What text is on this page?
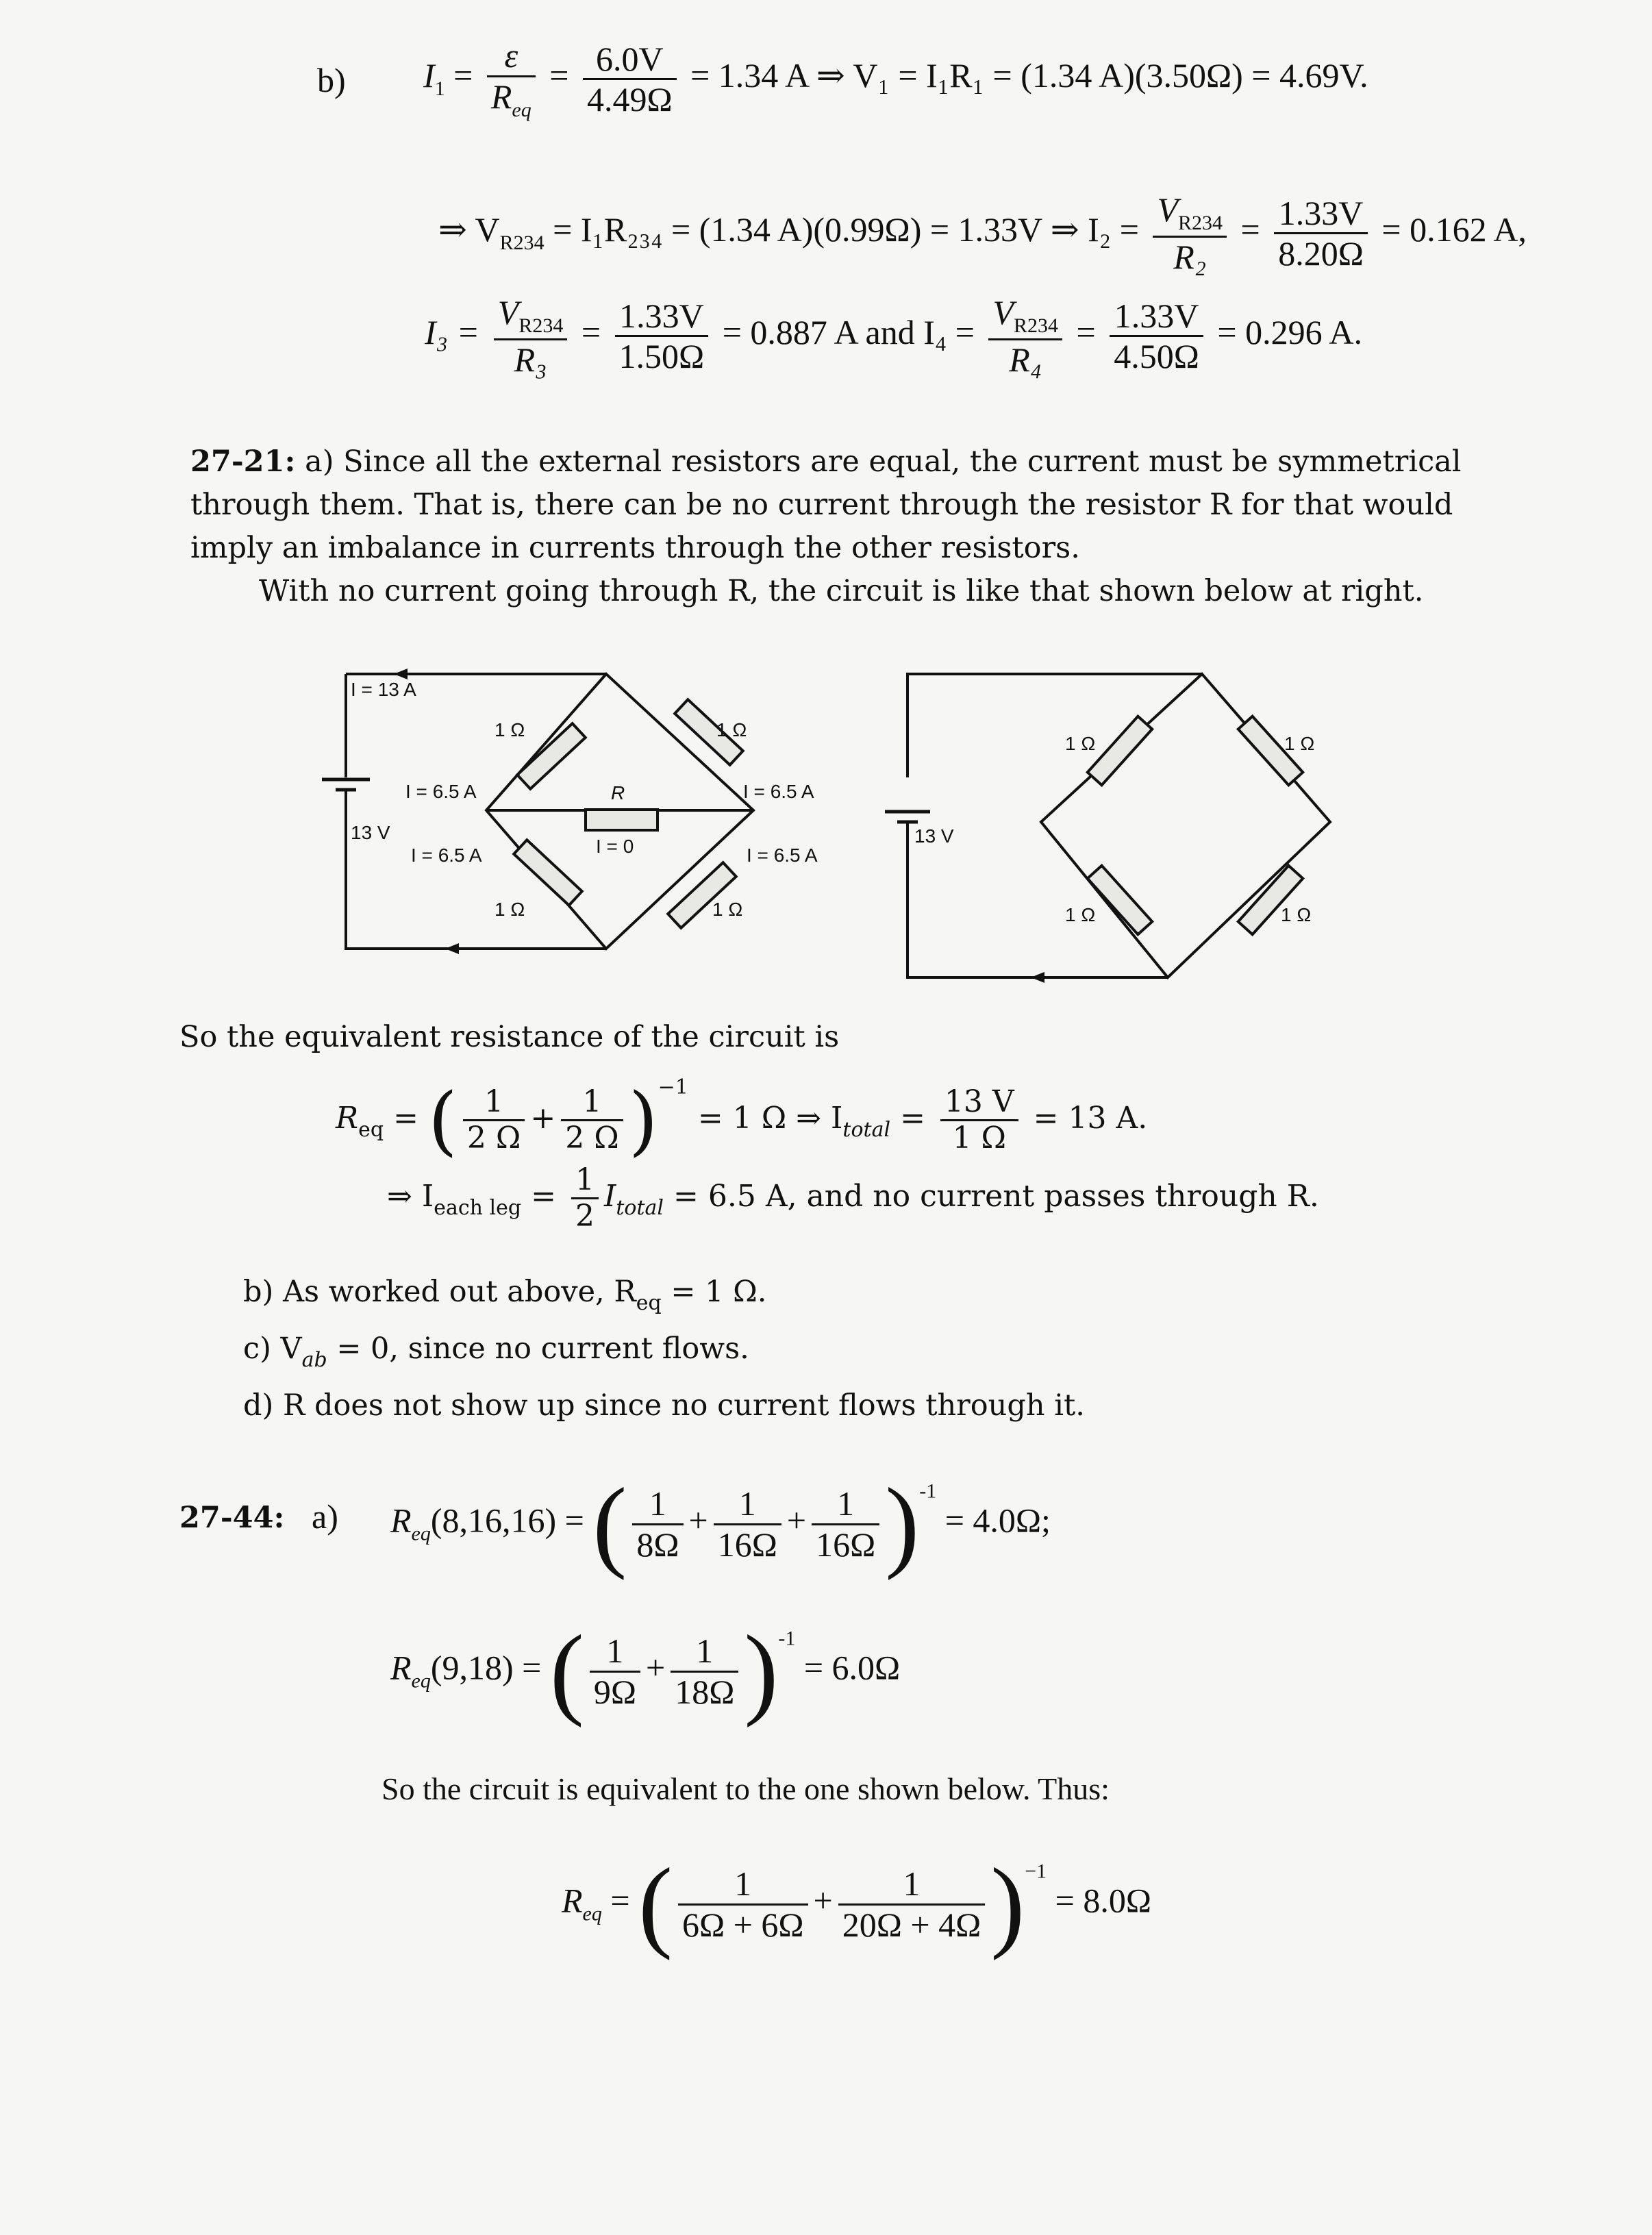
b) $I_1 = \frac{\varepsilon}{R_{eq}} = \frac{6.0V}{4.49\Omega} = 1.34$ A ⇒ V₁ = I₁R₁ = (1.34 A)(3.50Ω) = 4.69V.
⇒ $V_{R234} = I_1R_{234} = (1.34$ A)(0.99Ω) = 1.33V ⇒ $I_2 = \frac{V_{R234}}{\text{R₂}} = \frac{1.33V}{8.20\Omega} = 0.162$ A,
$I_3 = \frac{V_{R234}}{\text{R₃}} = \frac{1.33V}{1.50\Omega} = 0.887$ A and $I_4 = \frac{V_{R234}}{\text{R₄}} = \frac{1.33V}{4.50\Omega} = 0.296$ A.
27-21: a) Since all the external resistors are equal, the current must be symmetrical
through them. That is, there can be no current through the resistor R for that would
imply an imbalance in currents through the other resistors.
With no current going through R, the circuit is like that shown below at right.
I = 13 A
13 V
1 Ω	1 Ω
1 Ω	1 Ω
R
I = 0
I = 6.5 A
I = 6.5 A
I = 6.5 A
I = 6.5 A
13 V
1 Ω	1 Ω
1 Ω	1 Ω
So the equivalent resistance of the circuit is
$R_{eq}$ = ( $\frac{1}{2 \Omega} + \frac{1}{2 \Omega} )^{-1} = 1$ Ω ⇒ $I_{total} = \frac{13 V}{1 \Omega} = 13$ A.
⇒ $I_{each leg} = \frac{1}{2} I_{total} = 6.5$ A, and no current passes through R.
b) As worked out above, $R_{eq} = 1$ Ω.
c) $V_{ab} = 0$, since no current flows.
d) R does not show up since no current flows through it.
27-44: a) $R_{eq}(8,16,16)$ = ( $\frac{1}{8\Omega} + \frac{1}{16\Omega} + \frac{1}{16\Omega} )^{-1} = 4.0\Omega$;
$R_{eq}(9,18)$ = ( $\frac{1}{9\Omega} + \frac{1}{18\Omega} )^{-1} = 6.0\Omega$
So the circuit is equivalent to the one shown below. Thus:
$R_{eq}$ = ( $\frac{1}{6\Omega + 6\Omega} + \frac{1}{20\Omega + 4\Omega} )^{-1} = 8.0\Omega$
